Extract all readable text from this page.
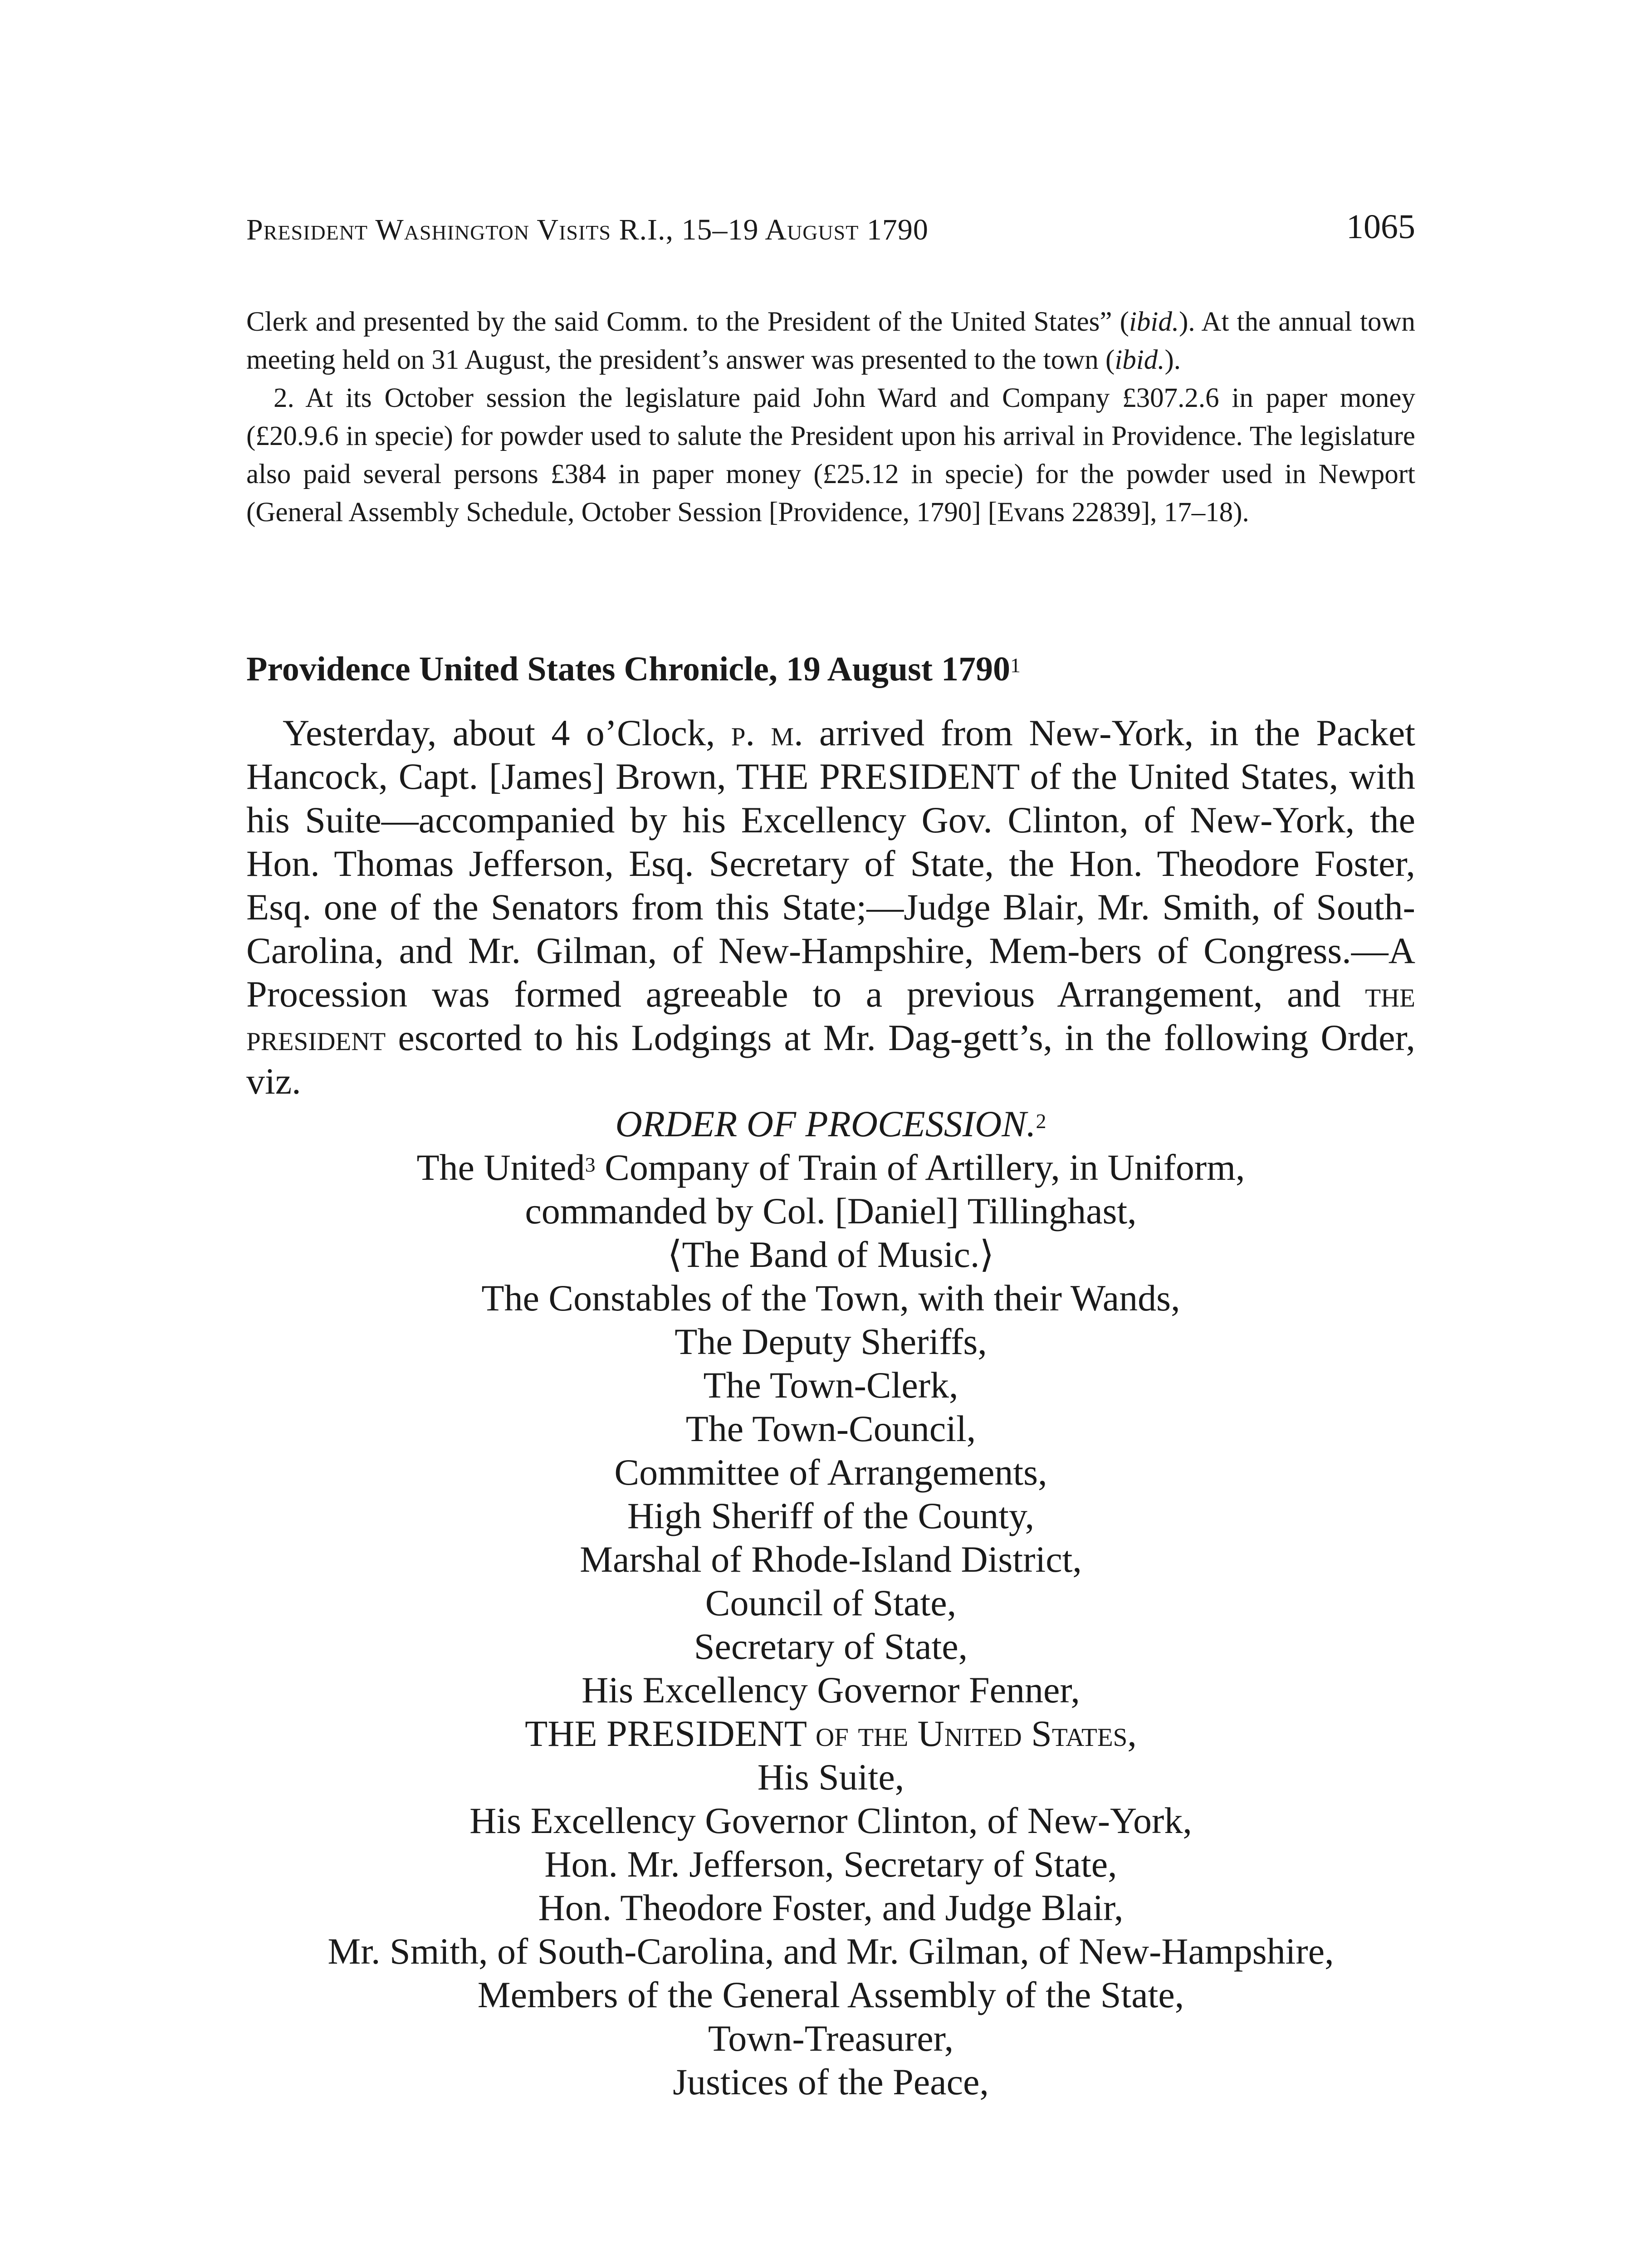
President Washington Visits R.I., 15–19 August 1790	1065

Clerk and presented by the said Comm. to the President of the United States” (ibid.). At the annual town meeting held on 31 August, the president’s answer was presented to the town (ibid.).

2. At its October session the legislature paid John Ward and Company £307.2.6 in paper money (£20.9.6 in specie) for powder used to salute the President upon his arrival in Providence. The legislature also paid several persons £384 in paper money (£25.12 in specie) for the powder used in Newport (General Assembly Schedule, October Session [Providence, 1790] [Evans 22839], 17–18).

Providence United States Chronicle, 19 August 1790$^1$

Yesterday, about 4 o’Clock, p. m. arrived from New-York, in the Packet Hancock, Capt. [James] Brown, THE PRESIDENT of the United States, with his Suite—accompanied by his Excellency Gov. Clinton, of New-York, the Hon. Thomas Jefferson, Esq. Secretary of State, the Hon. Theodore Foster, Esq. one of the Senators from this State;—Judge Blair, Mr. Smith, of South-Carolina, and Mr. Gilman, of New-Hampshire, Mem-bers of Congress.—A Procession was formed agreeable to a previous Arrangement, and the president escorted to his Lodgings at Mr. Dag-gett’s, in the following Order, viz.

ORDER OF PROCESSION.$^2$
The United$^3$ Company of Train of Artillery, in Uniform,
commanded by Col. [Daniel] Tillinghast,
⟨The Band of Music.⟩
The Constables of the Town, with their Wands,
The Deputy Sheriffs,
The Town-Clerk,
The Town-Council,
Committee of Arrangements,
High Sheriff of the County,
Marshal of Rhode-Island District,
Council of State,
Secretary of State,
His Excellency Governor Fenner,
THE PRESIDENT of the United States,
His Suite,
His Excellency Governor Clinton, of New-York,
Hon. Mr. Jefferson, Secretary of State,
Hon. Theodore Foster, and Judge Blair,
Mr. Smith, of South-Carolina, and Mr. Gilman, of New-Hampshire,
Members of the General Assembly of the State,
Town-Treasurer,
Justices of the Peace,
